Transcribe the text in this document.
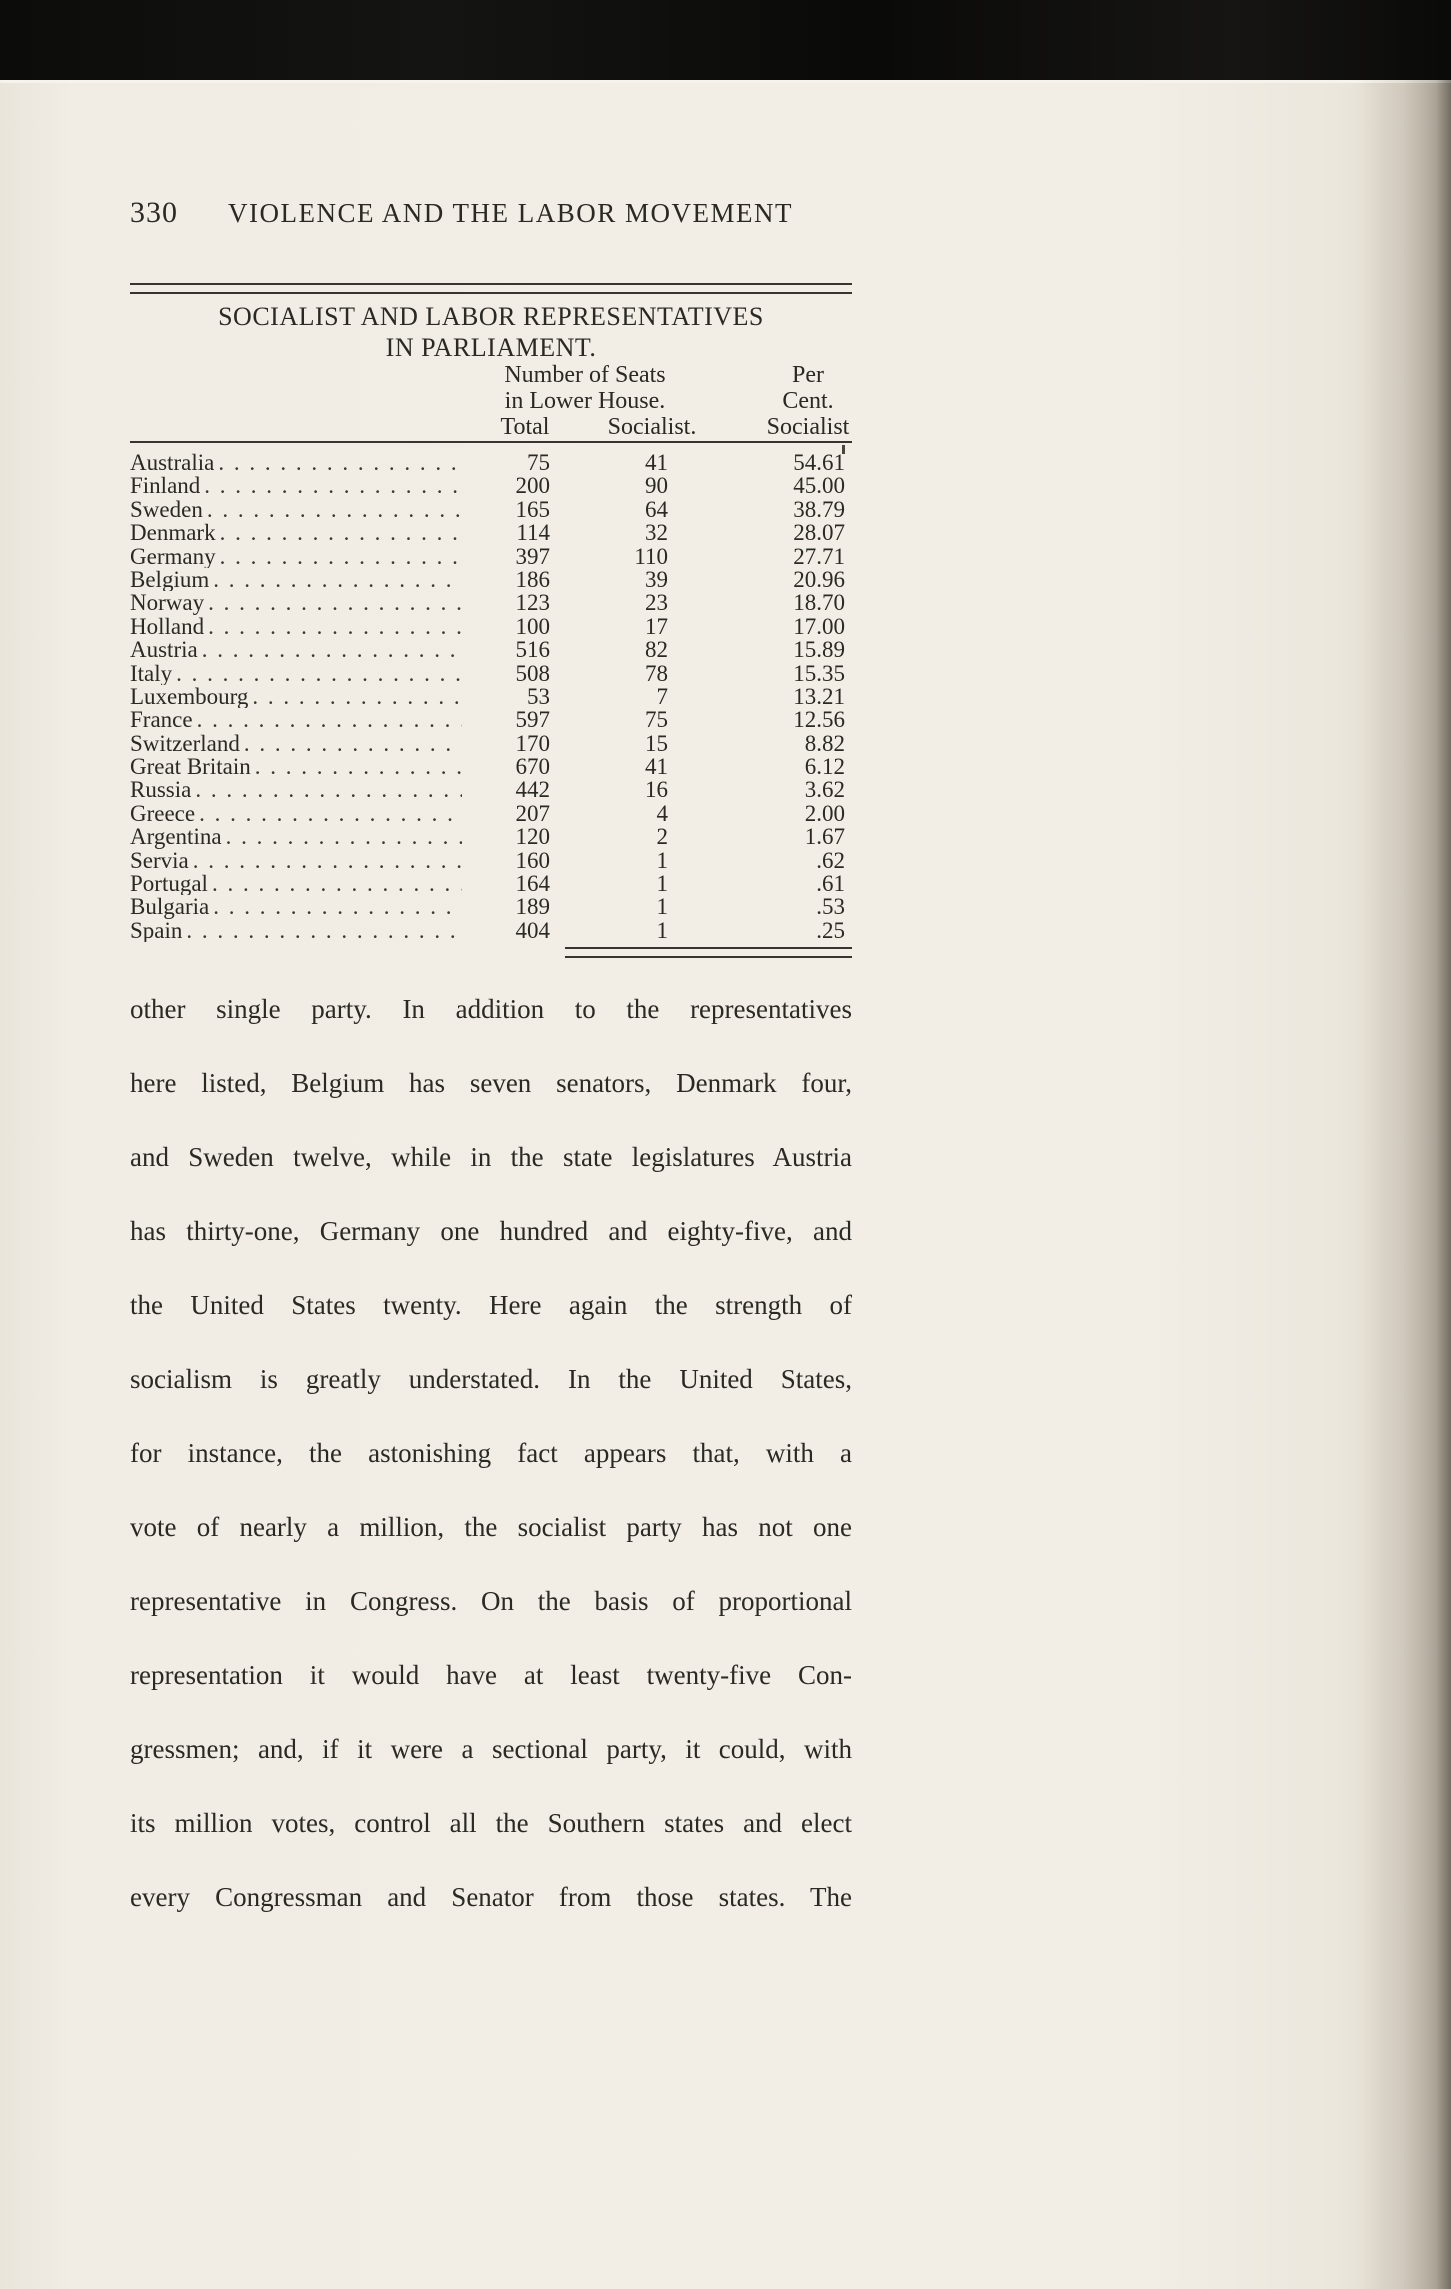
330 VIOLENCE AND THE LABOR MOVEMENT
SOCIALIST AND LABOR REPRESENTATIVES
IN PARLIAMENT.
Number of Seats
in Lower House.
Per
Cent.
Socialist
Total	Socialist.
Australia . . .	75	41	54.61
Finland . . .	200	90	45.00
Sweden . . .	165	64	38.79
Denmark . . .	114	32	28.07
Germany . . .	397	110	27.71
Belgium . . .	186	39	20.96
Norway . . .	123	23	18.70
Holland . . .	100	17	17.00
Austria . . .	516	82	15.89
Italy . . .	508	78	15.35
Luxembourg . . .	53	7	13.21
France . . .	597	75	12.56
Switzerland . . .	170	15	8.82
Great Britain . . .	670	41	6.12
Russia . . .	442	16	3.62
Greece . . .	207	4	2.00
Argentina . . .	120	2	1.67
Servia . . .	160	1	.62
Portugal . . .	164	1	.61
Bulgaria . . .	189	1	.53
Spain . . .	404	1	.25
other single party. In addition to the representatives
here listed, Belgium has seven senators, Denmark four,
and Sweden twelve, while in the state legislatures Austria
has thirty-one, Germany one hundred and eighty-five, and
the United States twenty. Here again the strength of
socialism is greatly understated. In the United States,
for instance, the astonishing fact appears that, with a
vote of nearly a million, the socialist party has not one
representative in Congress. On the basis of proportional
representation it would have at least twenty-five Con-
gressmen; and, if it were a sectional party, it could, with
its million votes, control all the Southern states and elect
every Congressman and Senator from those states. The
